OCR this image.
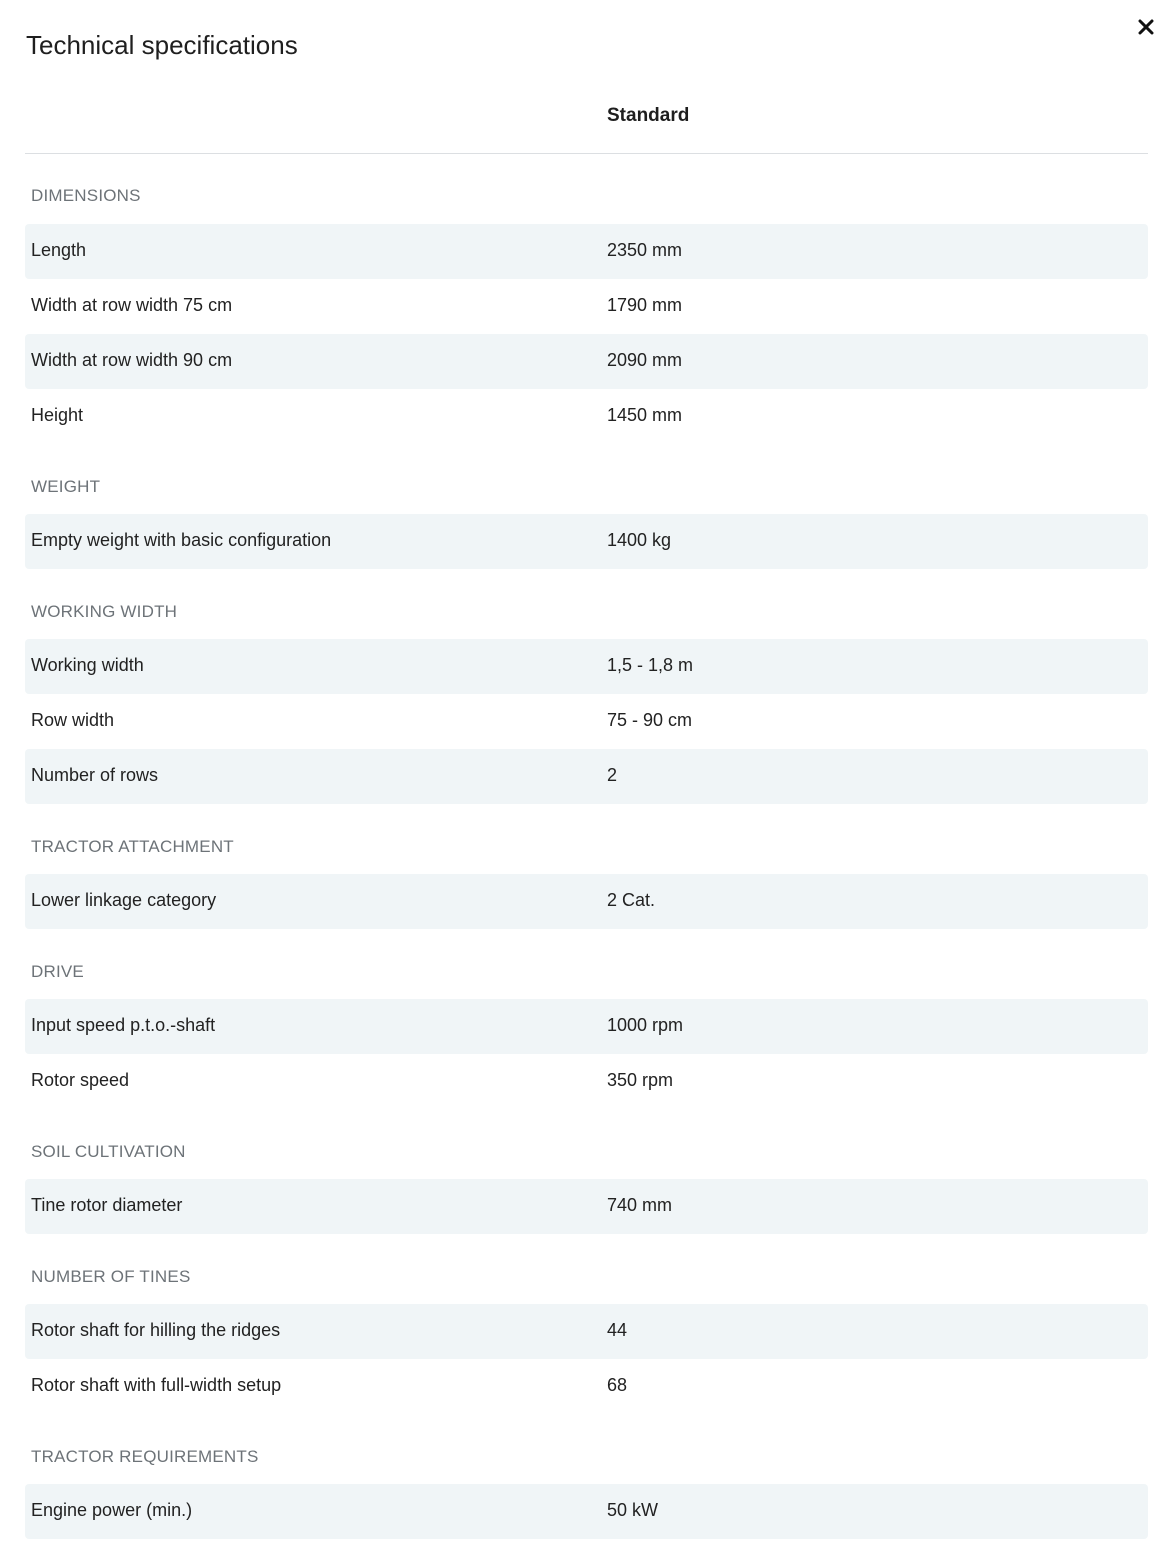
Technical specifications
Standard
DIMENSIONS
Length	2350 mm
Width at row width 75 cm	1790 mm
Width at row width 90 cm	2090 mm
Height	1450 mm
WEIGHT
Empty weight with basic configuration	1400 kg
WORKING WIDTH
Working width	1,5 - 1,8 m
Row width	75 - 90 cm
Number of rows	2
TRACTOR ATTACHMENT
Lower linkage category	2 Cat.
DRIVE
Input speed p.t.o.-shaft	1000 rpm
Rotor speed	350 rpm
SOIL CULTIVATION
Tine rotor diameter	740 mm
NUMBER OF TINES
Rotor shaft for hilling the ridges	44
Rotor shaft with full-width setup	68
TRACTOR REQUIREMENTS
Engine power (min.)	50 kW
